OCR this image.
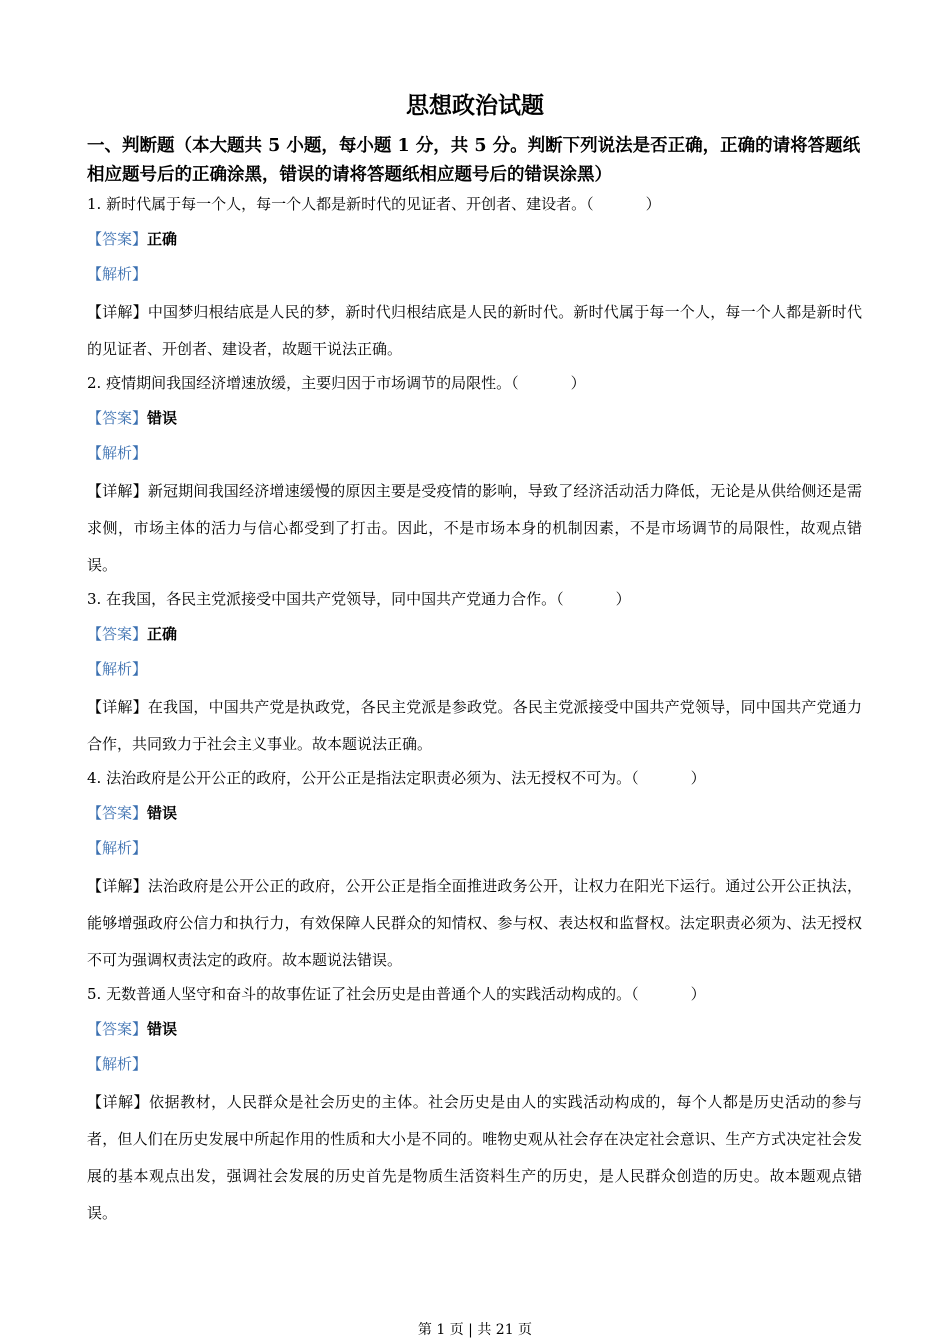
思想政治试题
一、判断题（本大题共 5 小题，每小题 1 分，共 5 分。判断下列说法是否正确，正确的请将答题纸相应题号后的正确涂黑，错误的请将答题纸相应题号后的错误涂黑）
1. 新时代属于每一个人，每一个人都是新时代的见证者、开创者、建设者。（	）
【答案】正确
【解析】
【详解】中国梦归根结底是人民的梦，新时代归根结底是人民的新时代。新时代属于每一个人，每一个人都是新时代的见证者、开创者、建设者，故题干说法正确。
2. 疫情期间我国经济增速放缓，主要归因于市场调节的局限性。（	）
【答案】错误
【解析】
【详解】新冠期间我国经济增速缓慢的原因主要是受疫情的影响，导致了经济活动活力降低，无论是从供给侧还是需求侧，市场主体的活力与信心都受到了打击。因此，不是市场本身的机制因素，不是市场调节的局限性，故观点错误。
3. 在我国，各民主党派接受中国共产党领导，同中国共产党通力合作。（	）
【答案】正确
【解析】
【详解】在我国，中国共产党是执政党，各民主党派是参政党。各民主党派接受中国共产党领导，同中国共产党通力合作，共同致力于社会主义事业。故本题说法正确。
4. 法治政府是公开公正的政府，公开公正是指法定职责必须为、法无授权不可为。（	）
【答案】错误
【解析】
【详解】法治政府是公开公正的政府，公开公正是指全面推进政务公开，让权力在阳光下运行。通过公开公正执法，能够增强政府公信力和执行力，有效保障人民群众的知情权、参与权、表达权和监督权。法定职责必须为、法无授权不可为强调权责法定的政府。故本题说法错误。
5. 无数普通人坚守和奋斗的故事佐证了社会历史是由普通个人的实践活动构成的。（	）
【答案】错误
【解析】
【详解】依据教材，人民群众是社会历史的主体。社会历史是由人的实践活动构成的，每个人都是历史活动的参与者，但人们在历史发展中所起作用的性质和大小是不同的。唯物史观从社会存在决定社会意识、生产方式决定社会发展的基本观点出发，强调社会发展的历史首先是物质生活资料生产的历史，是人民群众创造的历史。故本题观点错误。
第 1 页 | 共 21 页
